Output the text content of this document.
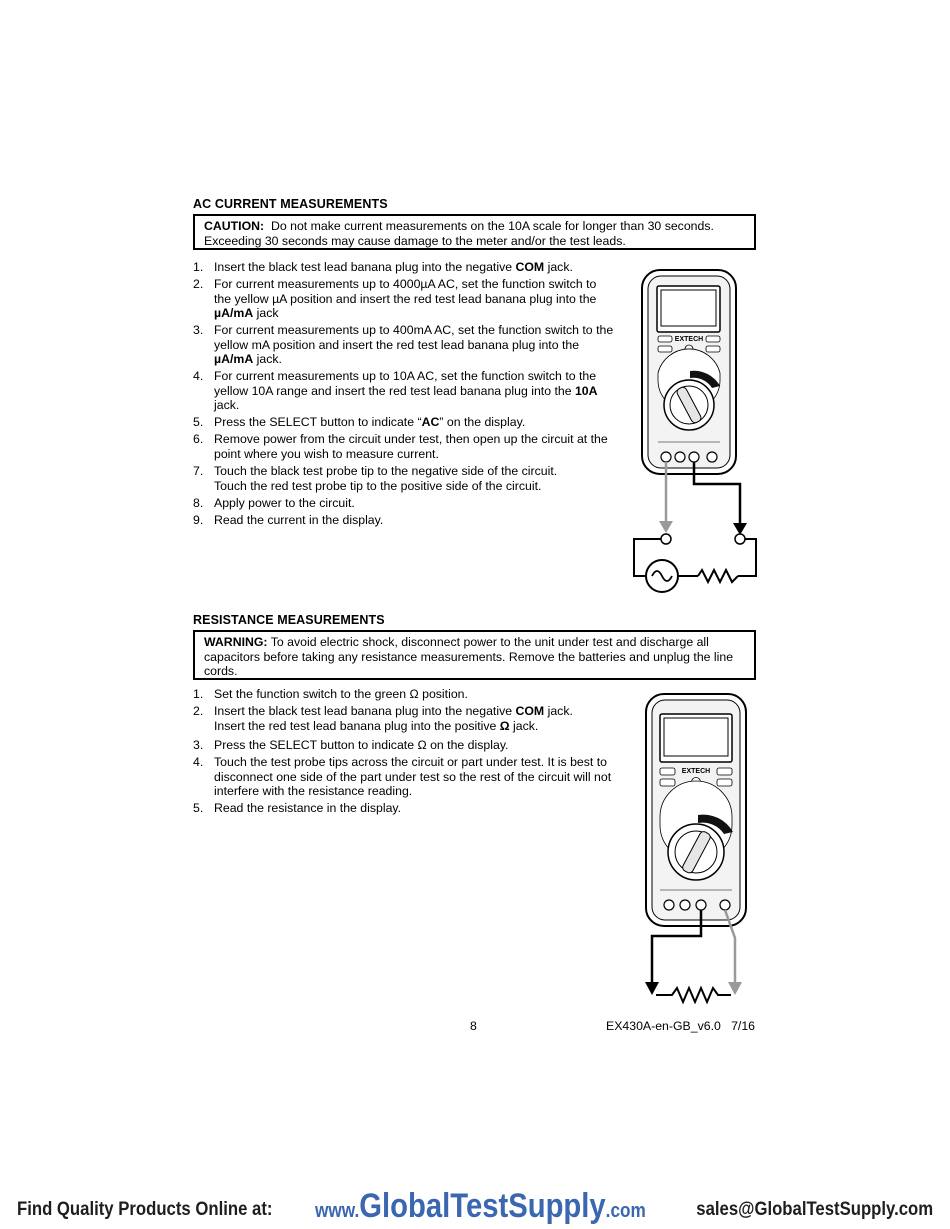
AC CURRENT MEASUREMENTS
CAUTION: Do not make current measurements on the 10A scale for longer than 30 seconds.
Exceeding 30 seconds may cause damage to the meter and/or the test leads.
1. Insert the black test lead banana plug into the negative COM jack.
2. For current measurements up to 4000µA AC, set the function switch to
the yellow µA position and insert the red test lead banana plug into the
µA/mA jack
3. For current measurements up to 400mA AC, set the function switch to the
yellow mA position and insert the red test lead banana plug into the
µA/mA jack.
4. For current measurements up to 10A AC, set the function switch to the
yellow 10A range and insert the red test lead banana plug into the 10A
jack.
5. Press the SELECT button to indicate “AC” on the display.
6. Remove power from the circuit under test, then open up the circuit at the
point where you wish to measure current.
7. Touch the black test probe tip to the negative side of the circuit.
Touch the red test probe tip to the positive side of the circuit.
8. Apply power to the circuit.
9. Read the current in the display.
EXTECH
RESISTANCE MEASUREMENTS
WARNING: To avoid electric shock, disconnect power to the unit under test and discharge all
capacitors before taking any resistance measurements. Remove the batteries and unplug the line
cords.
1. Set the function switch to the green Ω position.
2. Insert the black test lead banana plug into the negative COM jack.
Insert the red test lead banana plug into the positive Ω jack.
3. Press the SELECT button to indicate Ω on the display.
4. Touch the test probe tips across the circuit or part under test. It is best to
disconnect one side of the part under test so the rest of the circuit will not
interfere with the resistance reading.
5. Read the resistance in the display.
EXTECH
8	EX430A-en-GB_v6.0   7/16
Find Quality Products Online at: www.GlobalTestSupply.com	sales@GlobalTestSupply.com
